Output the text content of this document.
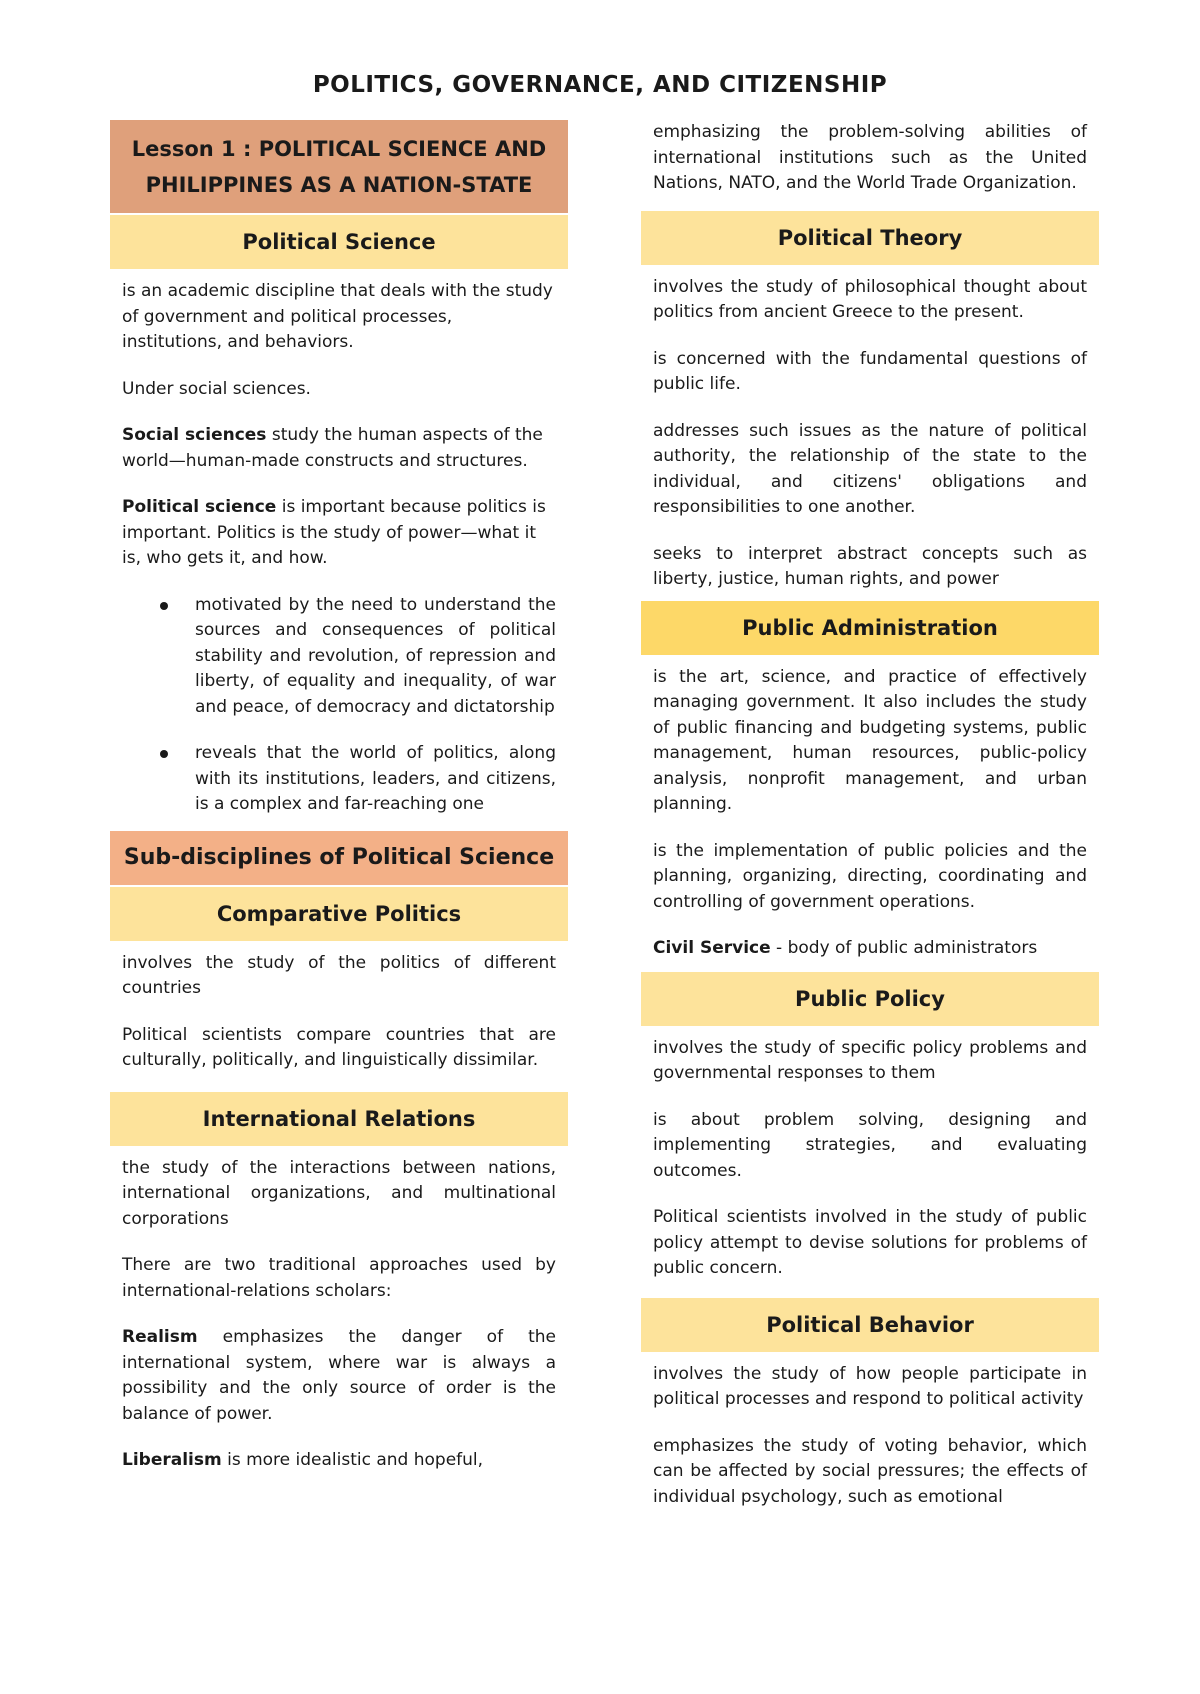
POLITICS, GOVERNANCE, AND CITIZENSHIP
Lesson 1 : POLITICAL SCIENCE AND PHILIPPINES AS A NATION-STATE
Political Science

is an academic discipline that deals with the study of government and political processes, institutions, and behaviors.

Under social sciences.

Social sciences study the human aspects of the world—human-made constructs and structures.

Political science is important because politics is important. Politics is the study of power—what it is, who gets it, and how.

motivated by the need to understand the sources and consequences of political stability and revolution, of repression and liberty, of equality and inequality, of war and peace, of democracy and dictatorship
reveals that the world of politics, along with its institutions, leaders, and citizens, is a complex and far-reaching one
Sub-disciplines of Political Science
Comparative Politics

involves the study of the politics of different countries

Political scientists compare countries that are culturally, politically, and linguistically dissimilar.

International Relations

the study of the interactions between nations, international organizations, and multinational corporations

There are two traditional approaches used by international-relations scholars:

Realism emphasizes the danger of the international system, where war is always a possibility and the only source of order is the balance of power.

Liberalism is more idealistic and hopeful,

emphasizing the problem-solving abilities of international institutions such as the United Nations, NATO, and the World Trade Organization.

Political Theory

involves the study of philosophical thought about politics from ancient Greece to the present.

is concerned with the fundamental questions of public life.

addresses such issues as the nature of political authority, the relationship of the state to the individual, and citizens' obligations and responsibilities to one another.

seeks to interpret abstract concepts such as liberty, justice, human rights, and power

Public Administration

is the art, science, and practice of effectively managing government. It also includes the study of public financing and budgeting systems, public management, human resources, public-policy analysis, nonprofit management, and urban planning.

is the implementation of public policies and the planning, organizing, directing, coordinating and controlling of government operations.

Civil Service - body of public administrators

Public Policy

involves the study of specific policy problems and governmental responses to them

is about problem solving, designing and implementing strategies, and evaluating outcomes.

Political scientists involved in the study of public policy attempt to devise solutions for problems of public concern.

Political Behavior

involves the study of how people participate in political processes and respond to political activity

emphasizes the study of voting behavior, which can be affected by social pressures; the effects of individual psychology, such as emotional
